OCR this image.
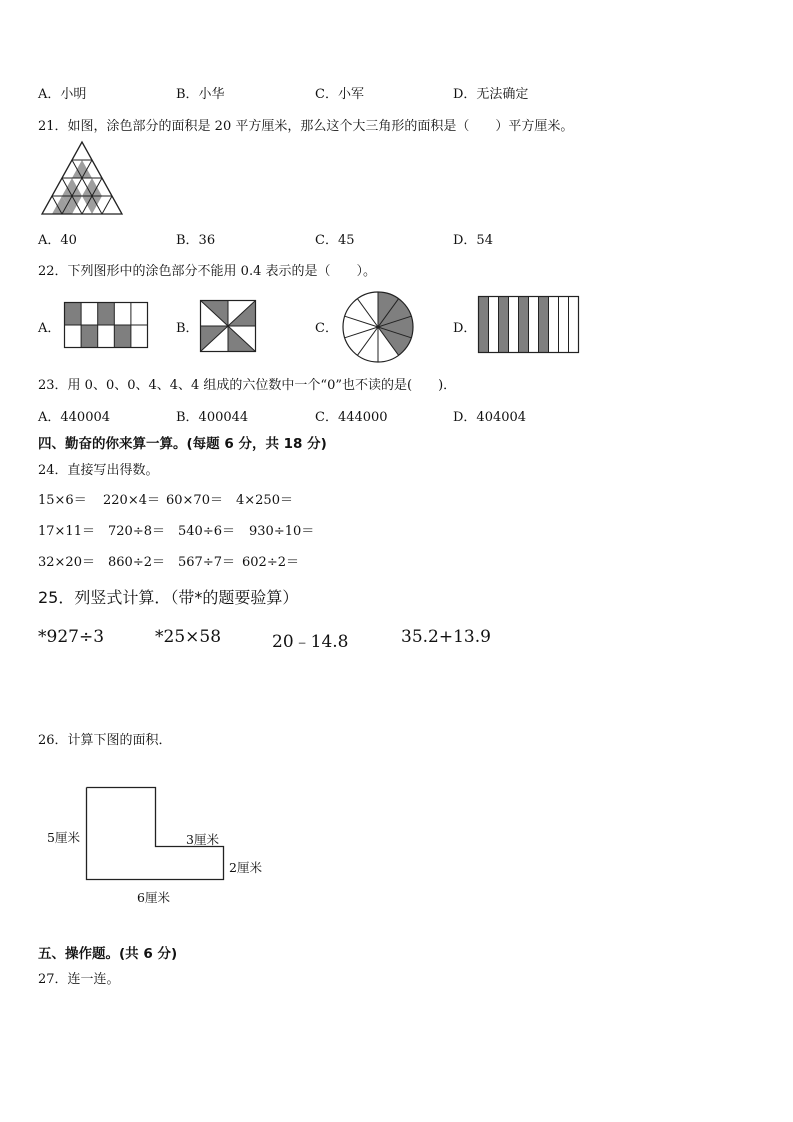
A．小明	B．小华	C．小军	D．无法确定
21．如图，涂色部分的面积是 20 平方厘米，那么这个大三角形的面积是（　　）平方厘米。
A．40	B．36	C．45	D．54
22．下列图形中的涂色部分不能用 0.4 表示的是（　　）。
A．	B．	C．	D．
23．用 0、0、0、4、4、4 组成的六位数中一个“0”也不读的是(　　)．
A．440004	B．400044	C．444000	D．404004
四、勤奋的你来算一算。(每题 6 分，共 18 分)
24．直接写出得数。
15×6＝ 220×4＝ 60×70＝ 4×250＝
17×11＝ 720÷8＝ 540÷6＝ 930÷10＝
32×20＝ 860÷2＝ 567÷7＝ 602÷2＝
25．列竖式计算．（带*的题要验算）
*927÷3	*25×58	20﹣14.8	35.2+13.9
26．计算下图的面积．
5厘米	3厘米
2厘米
6厘米
五、操作题。(共 6 分)
27．连一连。
